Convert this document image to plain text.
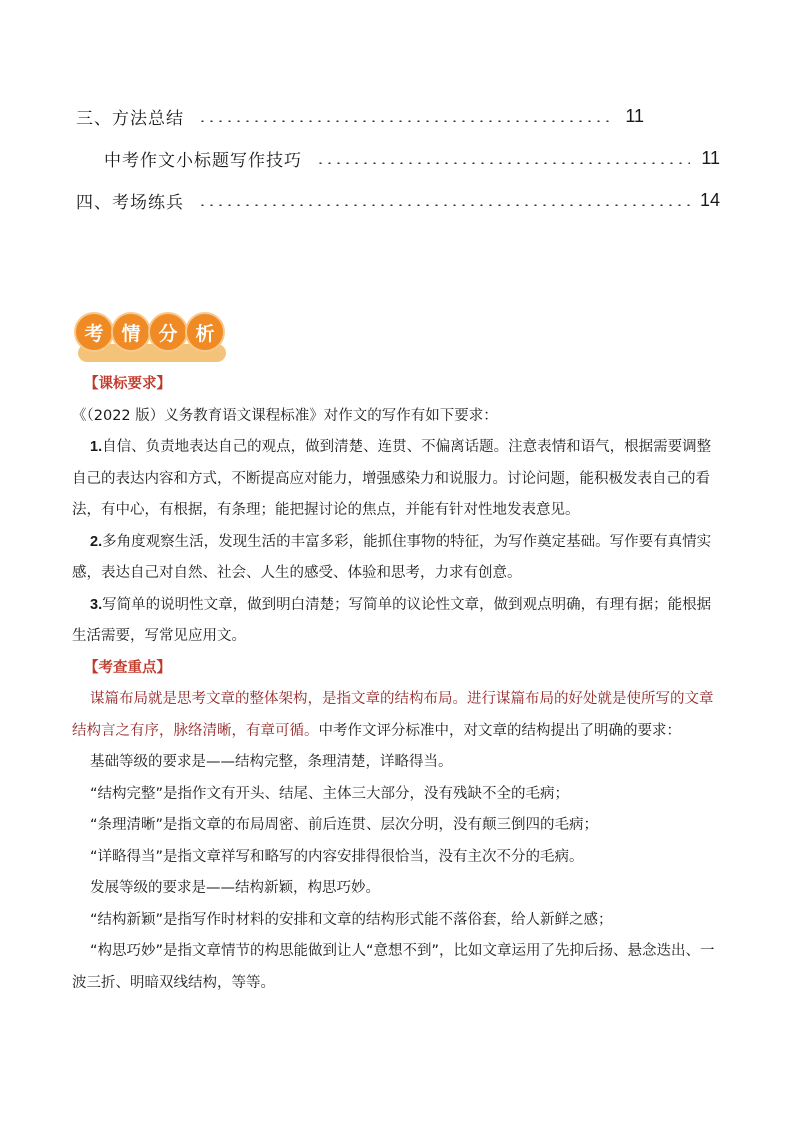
三、方法总结	11
中考作文小标题写作技巧	11
四、考场练兵	14
考 情 分 析

【课标要求】

《（2022 版）义务教育语文课程标准》对作文的写作有如下要求：

1.自信、负责地表达自己的观点，做到清楚、连贯、不偏离话题。注意表情和语气，根据需要调整自己的表达内容和方式，不断提高应对能力，增强感染力和说服力。讨论问题，能积极发表自己的看法，有中心，有根据，有条理；能把握讨论的焦点，并能有针对性地发表意见。

2.多角度观察生活，发现生活的丰富多彩，能抓住事物的特征，为写作奠定基础。写作要有真情实感，表达自己对自然、社会、人生的感受、体验和思考，力求有创意。

3.写简单的说明性文章，做到明白清楚；写简单的议论性文章，做到观点明确，有理有据；能根据生活需要，写常见应用文。

【考查重点】

谋篇布局就是思考文章的整体架构，是指文章的结构布局。进行谋篇布局的好处就是使所写的文章结构言之有序，脉络清晰，有章可循。中考作文评分标准中，对文章的结构提出了明确的要求：

基础等级的要求是——结构完整，条理清楚，详略得当。

“结构完整”是指作文有开头、结尾、主体三大部分，没有残缺不全的毛病；

“条理清晰”是指文章的布局周密、前后连贯、层次分明，没有颠三倒四的毛病；

“详略得当”是指文章祥写和略写的内容安排得很恰当，没有主次不分的毛病。

发展等级的要求是——结构新颖，构思巧妙。

“结构新颖”是指写作时材料的安排和文章的结构形式能不落俗套，给人新鲜之感；

“构思巧妙”是指文章情节的构思能做到让人“意想不到”，比如文章运用了先抑后扬、悬念迭出、一波三折、明暗双线结构，等等。
